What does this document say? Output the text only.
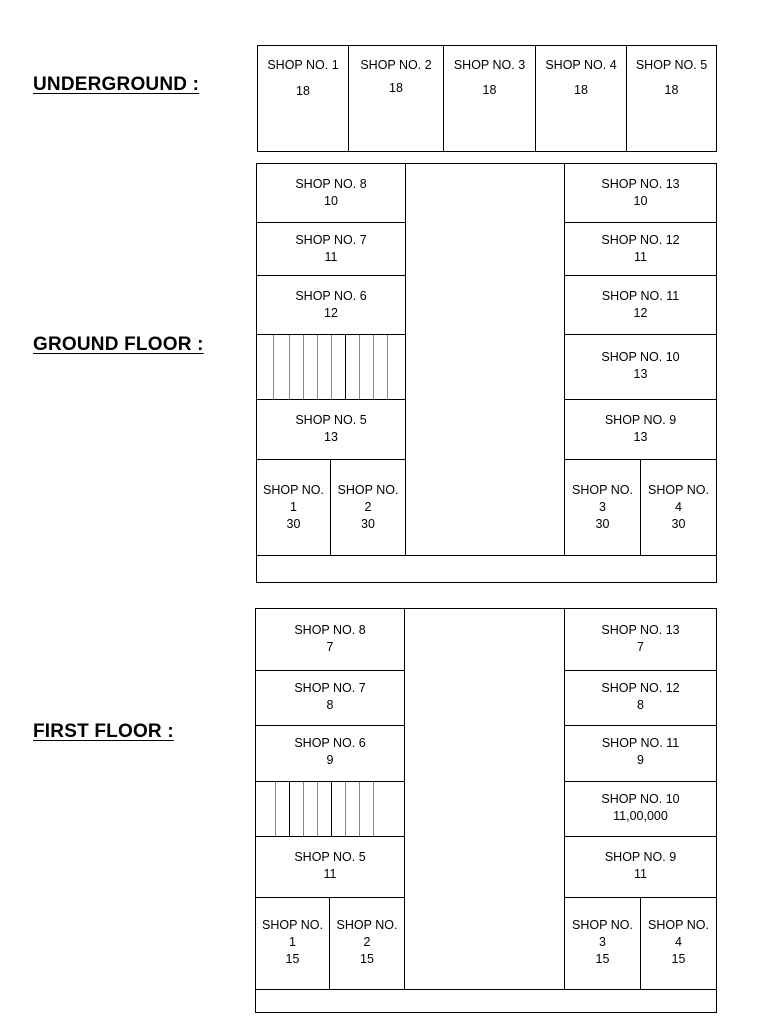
UNDERGROUND :
SHOP NO. 1
18
SHOP NO. 2
18
SHOP NO. 3
18
SHOP NO. 4
18
SHOP NO. 5
18
GROUND FLOOR :
SHOP NO. 8
10
SHOP NO. 7
11
SHOP NO. 6
12
SHOP NO. 5
13
SHOP NO.
1
30
SHOP NO.
2
30
SHOP NO. 13
10
SHOP NO. 12
11
SHOP NO. 11
12
SHOP NO. 10
13
SHOP NO. 9
13
SHOP NO.
3
30
SHOP NO.
4
30
FIRST FLOOR :
SHOP NO. 8
7
SHOP NO. 7
8
SHOP NO. 6
9
SHOP NO. 5
11
SHOP NO.
1
15
SHOP NO.
2
15
SHOP NO. 13
7
SHOP NO. 12
8
SHOP NO. 11
9
SHOP NO. 10
11,00,000
SHOP NO. 9
11
SHOP NO.
3
15
SHOP NO.
4
15
